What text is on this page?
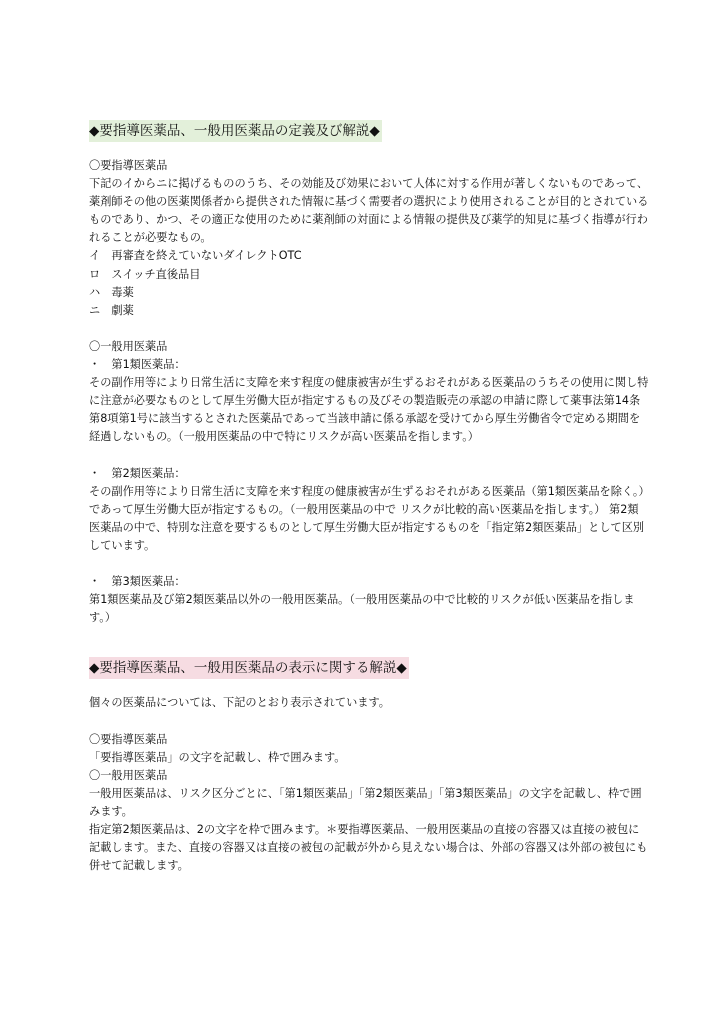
◆要指導医薬品、一般用医薬品の定義及び解説◆

〇要指導医薬品

下記のイからニに掲げるもののうち、その効能及び効果において人体に対する作用が著しくないものであって、薬剤師その他の医薬関係者から提供された情報に基づく需要者の選択により使用されることが目的とされているものであり、かつ、その適正な使用のために薬剤師の対面による情報の提供及び薬学的知見に基づく指導が行われることが必要なもの。

イ　再審査を終えていないダイレクトOTC

ロ　スイッチ直後品目

ハ　毒薬

ニ　劇薬

〇一般用医薬品

・　第1類医薬品：

その副作用等により日常生活に支障を来す程度の健康被害が生ずるおそれがある医薬品のうちその使用に関し特に注意が必要なものとして厚生労働大臣が指定するもの及びその製造販売の承認の申請に際して薬事法第14条第8項第1号に該当するとされた医薬品であって当該申請に係る承認を受けてから厚生労働省令で定める期間を経過しないもの。（一般用医薬品の中で特にリスクが高い医薬品を指します。）

・　第2類医薬品：

その副作用等により日常生活に支障を来す程度の健康被害が生ずるおそれがある医薬品（第1類医薬品を除く。）であって厚生労働大臣が指定するもの。（一般用医薬品の中で リスクが比較的高い医薬品を指します。） 第2類医薬品の中で、特別な注意を要するものとして厚生労働大臣が指定するものを「指定第2類医薬品」として区別しています。

・　第3類医薬品：

第1類医薬品及び第2類医薬品以外の一般用医薬品。（一般用医薬品の中で比較的リスクが低い医薬品を指します。）

◆要指導医薬品、一般用医薬品の表示に関する解説◆

個々の医薬品については、下記のとおり表示されています。

〇要指導医薬品

「要指導医薬品」の文字を記載し、枠で囲みます。

〇一般用医薬品

一般用医薬品は、リスク区分ごとに、「第1類医薬品」「第2類医薬品」「第3類医薬品」の文字を記載し、枠で囲みます。

指定第2類医薬品は、2の文字を枠で囲みます。＊要指導医薬品、一般用医薬品の直接の容器又は直接の被包に記載します。また、直接の容器又は直接の被包の記載が外から見えない場合は、外部の容器又は外部の被包にも併せて記載します。
